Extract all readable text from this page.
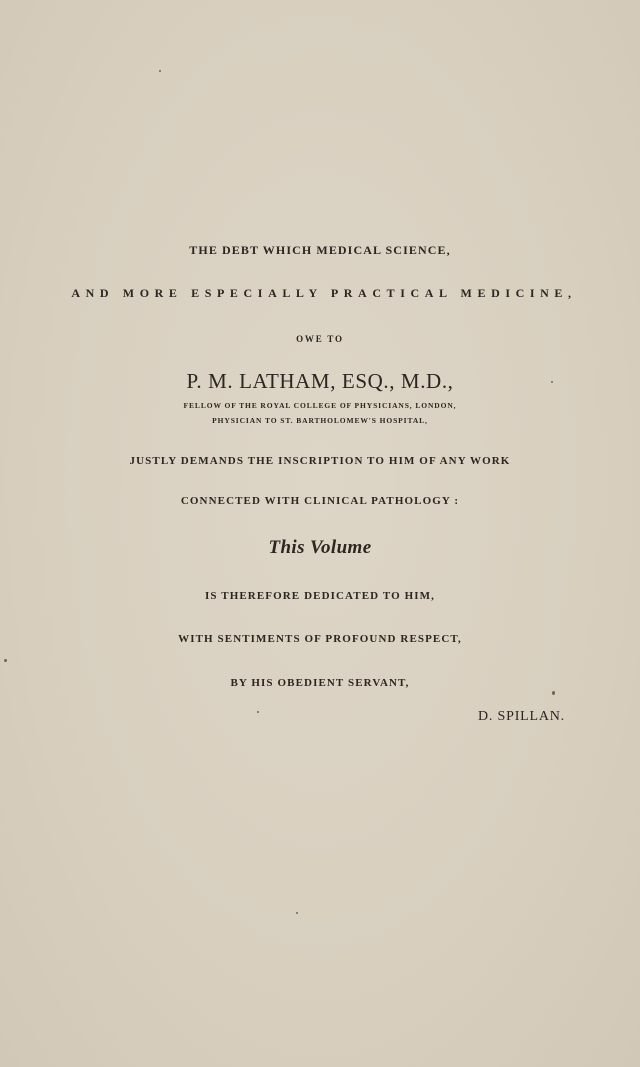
THE DEBT WHICH MEDICAL SCIENCE,

AND MORE ESPECIALLY PRACTICAL MEDICINE,

OWE TO

P. M. LATHAM, ESQ., M.D.,

FELLOW OF THE ROYAL COLLEGE OF PHYSICIANS, LONDON,

PHYSICIAN TO ST. BARTHOLOMEW'S HOSPITAL,

JUSTLY DEMANDS THE INSCRIPTION TO HIM OF ANY WORK

CONNECTED WITH CLINICAL PATHOLOGY :

This Volume

IS THEREFORE DEDICATED TO HIM,

WITH SENTIMENTS OF PROFOUND RESPECT,

BY HIS OBEDIENT SERVANT,

D. SPILLAN.
